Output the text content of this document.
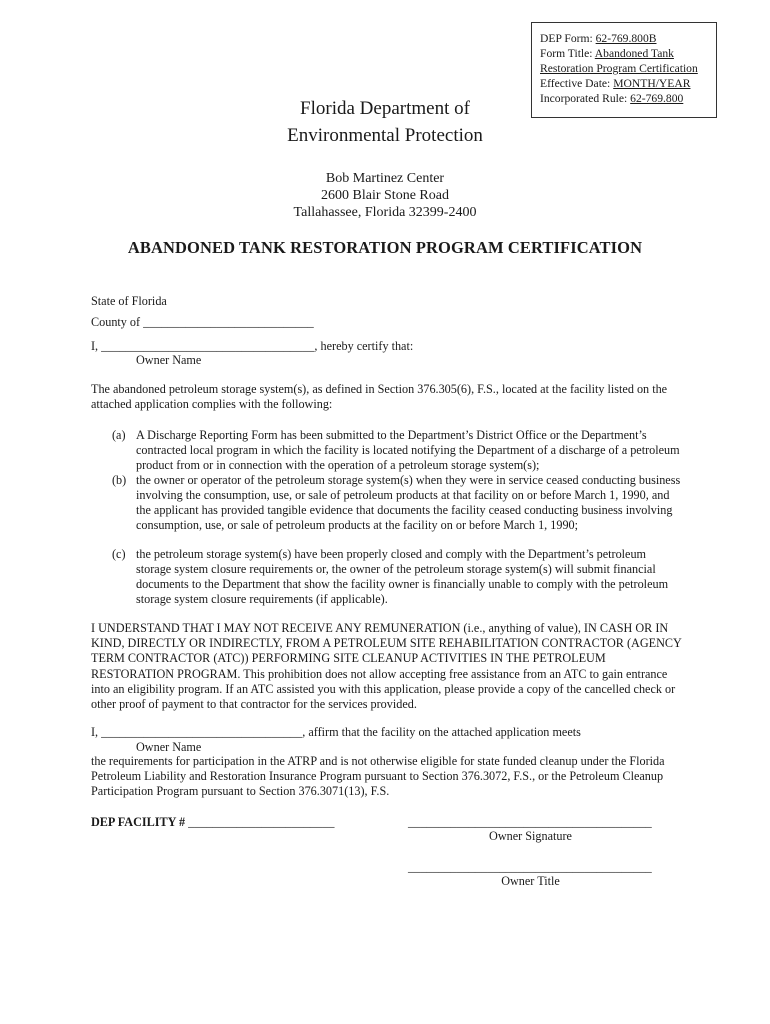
DEP Form: 62-769.800B
Form Title: Abandoned Tank
Restoration Program Certification
Effective Date: MONTH/YEAR
Incorporated Rule: 62-769.800
Florida Department of
Environmental Protection
Bob Martinez Center
2600 Blair Stone Road
Tallahassee, Florida 32399-2400
ABANDONED TANK RESTORATION PROGRAM CERTIFICATION
State of Florida
County of ____________________________
I, ___________________________________, hereby certify that:
Owner Name
The abandoned petroleum storage system(s), as defined in Section 376.305(6), F.S., located at the facility listed on the attached application complies with the following:
(a) A Discharge Reporting Form has been submitted to the Department’s District Office or the Department’s contracted local program in which the facility is located notifying the Department of a discharge of a petroleum product from or in connection with the operation of a petroleum storage system(s);
(b) the owner or operator of the petroleum storage system(s) when they were in service ceased conducting business involving the consumption, use, or sale of petroleum products at that facility on or before March 1, 1990, and the applicant has provided tangible evidence that documents the facility ceased conducting business involving consumption, use, or sale of petroleum products at the facility on or before March 1, 1990;
(c) the petroleum storage system(s) have been properly closed and comply with the Department’s petroleum storage system closure requirements or, the owner of the petroleum storage system(s) will submit financial documents to the Department that show the facility owner is financially unable to comply with the petroleum storage system closure requirements (if applicable).
I UNDERSTAND THAT I MAY NOT RECEIVE ANY REMUNERATION (i.e., anything of value), IN CASH OR IN KIND, DIRECTLY OR INDIRECTLY, FROM A PETROLEUM SITE REHABILITATION CONTRACTOR (AGENCY TERM CONTRACTOR (ATC)) PERFORMING SITE CLEANUP ACTIVITIES IN THE PETROLEUM RESTORATION PROGRAM. This prohibition does not allow accepting free assistance from an ATC to gain entrance into an eligibility program. If an ATC assisted you with this application, please provide a copy of the cancelled check or other proof of payment to that contractor for the services provided.
I, _________________________________, affirm that the facility on the attached application meets
Owner Name
the requirements for participation in the ATRP and is not otherwise eligible for state funded cleanup under the Florida Petroleum Liability and Restoration Insurance Program pursuant to Section 376.3072, F.S., or the Petroleum Cleanup Participation Program pursuant to Section 376.3071(13), F.S.
DEP FACILITY # ________________________	________________________________________
Owner Signature
________________________________________
Owner Title
